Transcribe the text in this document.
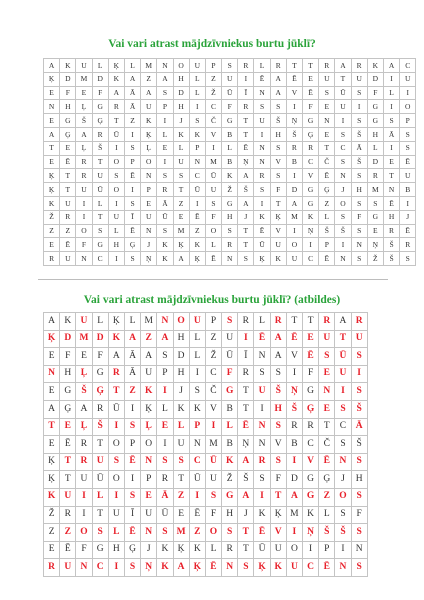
Vai vari atrast mājdzīvniekus burtu jūklī?
A	K	U	L	Ķ	L	M	N	O	U	P	S	R	L	R	T	T	R	A	R	K	A	C
Ķ	D	M	D	K	A	Z	A	H	L	Z	U	I	Ē	A	Ē	E	U	T	U	D	I	U
E	F	E	F	A	Ā	A	S	D	L	Ž	Ū	Ī	N	A	V	Ē	S	Ū	S	F	L	I
N	H	Ļ	G	R	Ā	U	P	H	I	C	F	R	S	S	I	F	E	U	I	G	I	O
E	G	Š	Ģ	T	Z	K	I	J	S	Č	G	T	U	Š	Ņ	G	N	I	S	G	S	P
A	Ģ	A	R	Ū	I	Ķ	L	K	K	V	B	T	I	H	Š	Ģ	E	S	Š	H	Ā	S
T	E	Ļ	Š	I	S	Ļ	E	L	P	I	L	Ē	N	S	R	R	T	C	Ā	L	I	S
E	Ē	R	T	O	P	O	I	U	N	M	B	Ņ	N	V	B	C	Č	S	Š	D	E	Ē
Ķ	T	R	U	S	Ē	N	S	S	C	Ū	K	A	R	S	I	V	Ē	N	S	R	T	U
Ķ	T	U	Ū	O	I	P	R	T	Ū	U	Ž	Š	S	F	D	G	Ģ	J	H	M	N	B
K	U	I	L	I	S	E	Ā	Z	I	S	G	A	I	T	A	G	Z	O	S	S	Ē	I
Ž	R	I	T	U	Ī	U	Ū	E	Ē	F	H	J	K	Ķ	M	K	L	S	F	G	H	J
Z	Z	O	S	L	Ē	N	S	M	Z	O	S	T	Ē	V	I	Ņ	Š	Š	S	E	R	Ē
E	Ē	F	G	H	Ģ	J	K	Ķ	K	L	R	T	Ū	U	O	I	P	I	N	Ņ	Š	R
R	U	N	C	I	S	Ņ	K	A	Ķ	Ē	N	S	Ķ	K	U	C	Ē	N	S	Ž	Š	S
Vai vari atrast mājdzīvniekus burtu jūklī? (atbildes)
A	K	U	L	Ķ	L	M	N	O	U	P	S	R	L	R	T	T	R	A	R
Ķ	D	M	D	K	A	Z	A	H	L	Z	U	I	Ē	A	Ē	E	U	T	U
E	F	E	F	A	Ā	A	S	D	L	Ž	Ū	Ī	N	A	V	Ē	S	Ū	S
N	H	Ļ	G	R	Ā	U	P	H	I	C	F	R	S	S	I	F	E	U	I
E	G	Š	Ģ	T	Z	K	I	J	S	Č	G	T	U	Š	Ņ	G	N	I	S
A	Ģ	A	R	Ū	I	Ķ	L	K	K	V	B	T	I	H	Š	Ģ	E	S	Š
T	E	Ļ	Š	I	S	Ļ	E	L	P	I	L	Ē	N	S	R	R	T	C	Ā
E	Ē	R	T	O	P	O	I	U	N	M	B	Ņ	N	V	B	C	Č	S	Š
Ķ	T	R	U	S	Ē	N	S	S	C	Ū	K	A	R	S	I	V	Ē	N	S
Ķ	T	U	Ū	O	I	P	R	T	Ū	U	Ž	Š	S	F	D	G	Ģ	J	H
K	U	I	L	I	S	E	Ā	Z	I	S	G	A	I	T	A	G	Z	O	S
Ž	R	I	T	U	Ī	U	Ū	E	Ē	F	H	J	K	Ķ	M	K	L	S	F
Z	Z	O	S	L	Ē	N	S	M	Z	O	S	T	Ē	V	I	Ņ	Š	Š	S
E	Ē	F	G	H	Ģ	J	K	Ķ	K	L	R	T	Ū	U	O	I	P	I	N
R	U	N	C	I	S	Ņ	K	A	Ķ	Ē	N	S	Ķ	K	U	C	Ē	N	S
